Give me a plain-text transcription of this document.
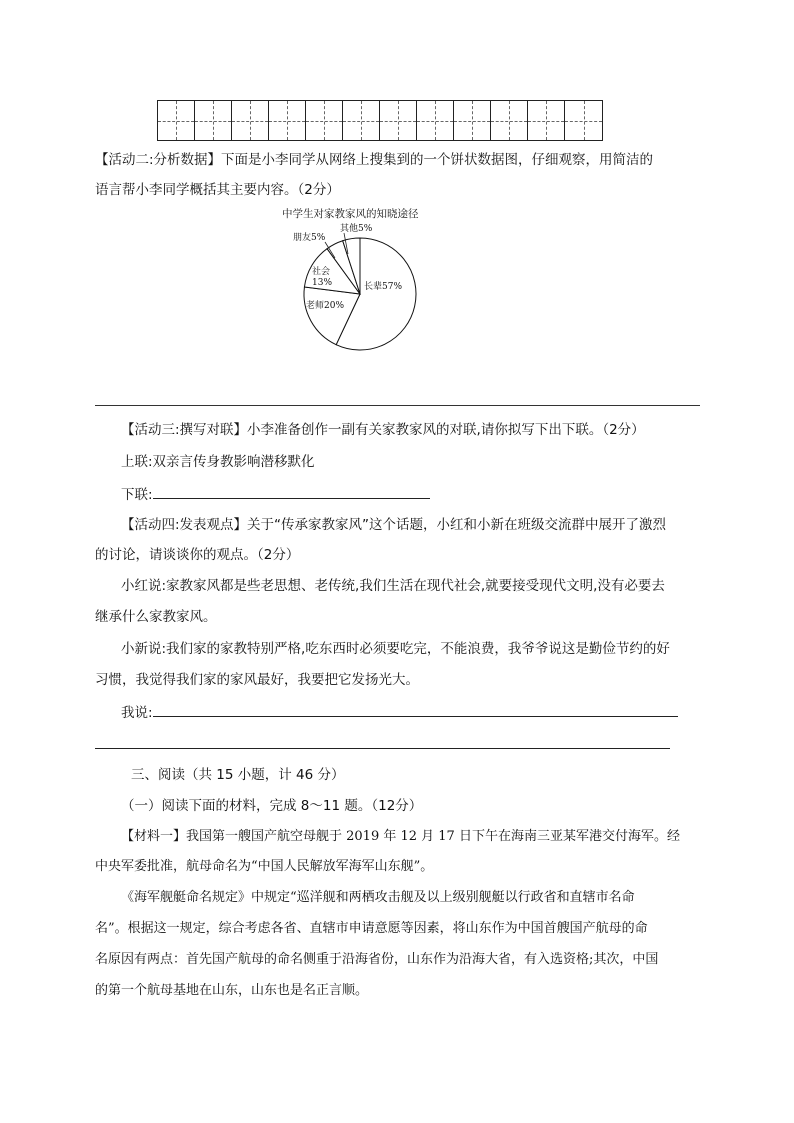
【活动二:分析数据】下面是小李同学从网络上搜集到的一个饼状数据图，仔细观察，用简洁的
语言帮小李同学概括其主要内容。（2分）
中学生对家教家风的知晓途径
长辈57%
老师20%
社会
13%
朋友5%
其他5%
【活动三:撰写对联】小李准备创作一副有关家教家风的对联,请你拟写下出下联。（2分）
上联:双亲言传身教影响潜移默化
下联:
【活动四:发表观点】关于“传承家教家风”这个话题，小红和小新在班级交流群中展开了激烈
的讨论，请谈谈你的观点。（2分）
小红说:家教家风都是些老思想、老传统,我们生活在现代社会,就要接受现代文明,没有必要去
继承什么家教家风。
小新说:我们家的家教特别严格,吃东西时必须要吃完，不能浪费，我爷爷说这是勤俭节约的好
习惯，我觉得我们家的家风最好，我要把它发扬光大。
我说:
三、阅读（共 15 小题，计 46 分）
（一）阅读下面的材料，完成 8～11 题。（12分）
【材料一】我国第一艘国产航空母舰于 2019 年 12 月 17 日下午在海南三亚某军港交付海军。经
中央军委批准，航母命名为“中国人民解放军海军山东舰”。
《海军舰艇命名规定》中规定“巡洋舰和两栖攻击舰及以上级别舰艇以行政省和直辖市名命
名”。根据这一规定，综合考虑各省、直辖市申请意愿等因素，将山东作为中国首艘国产航母的命
名原因有两点：首先国产航母的命名侧重于沿海省份，山东作为沿海大省，有入选资格;其次，中国
的第一个航母基地在山东，山东也是名正言顺。
